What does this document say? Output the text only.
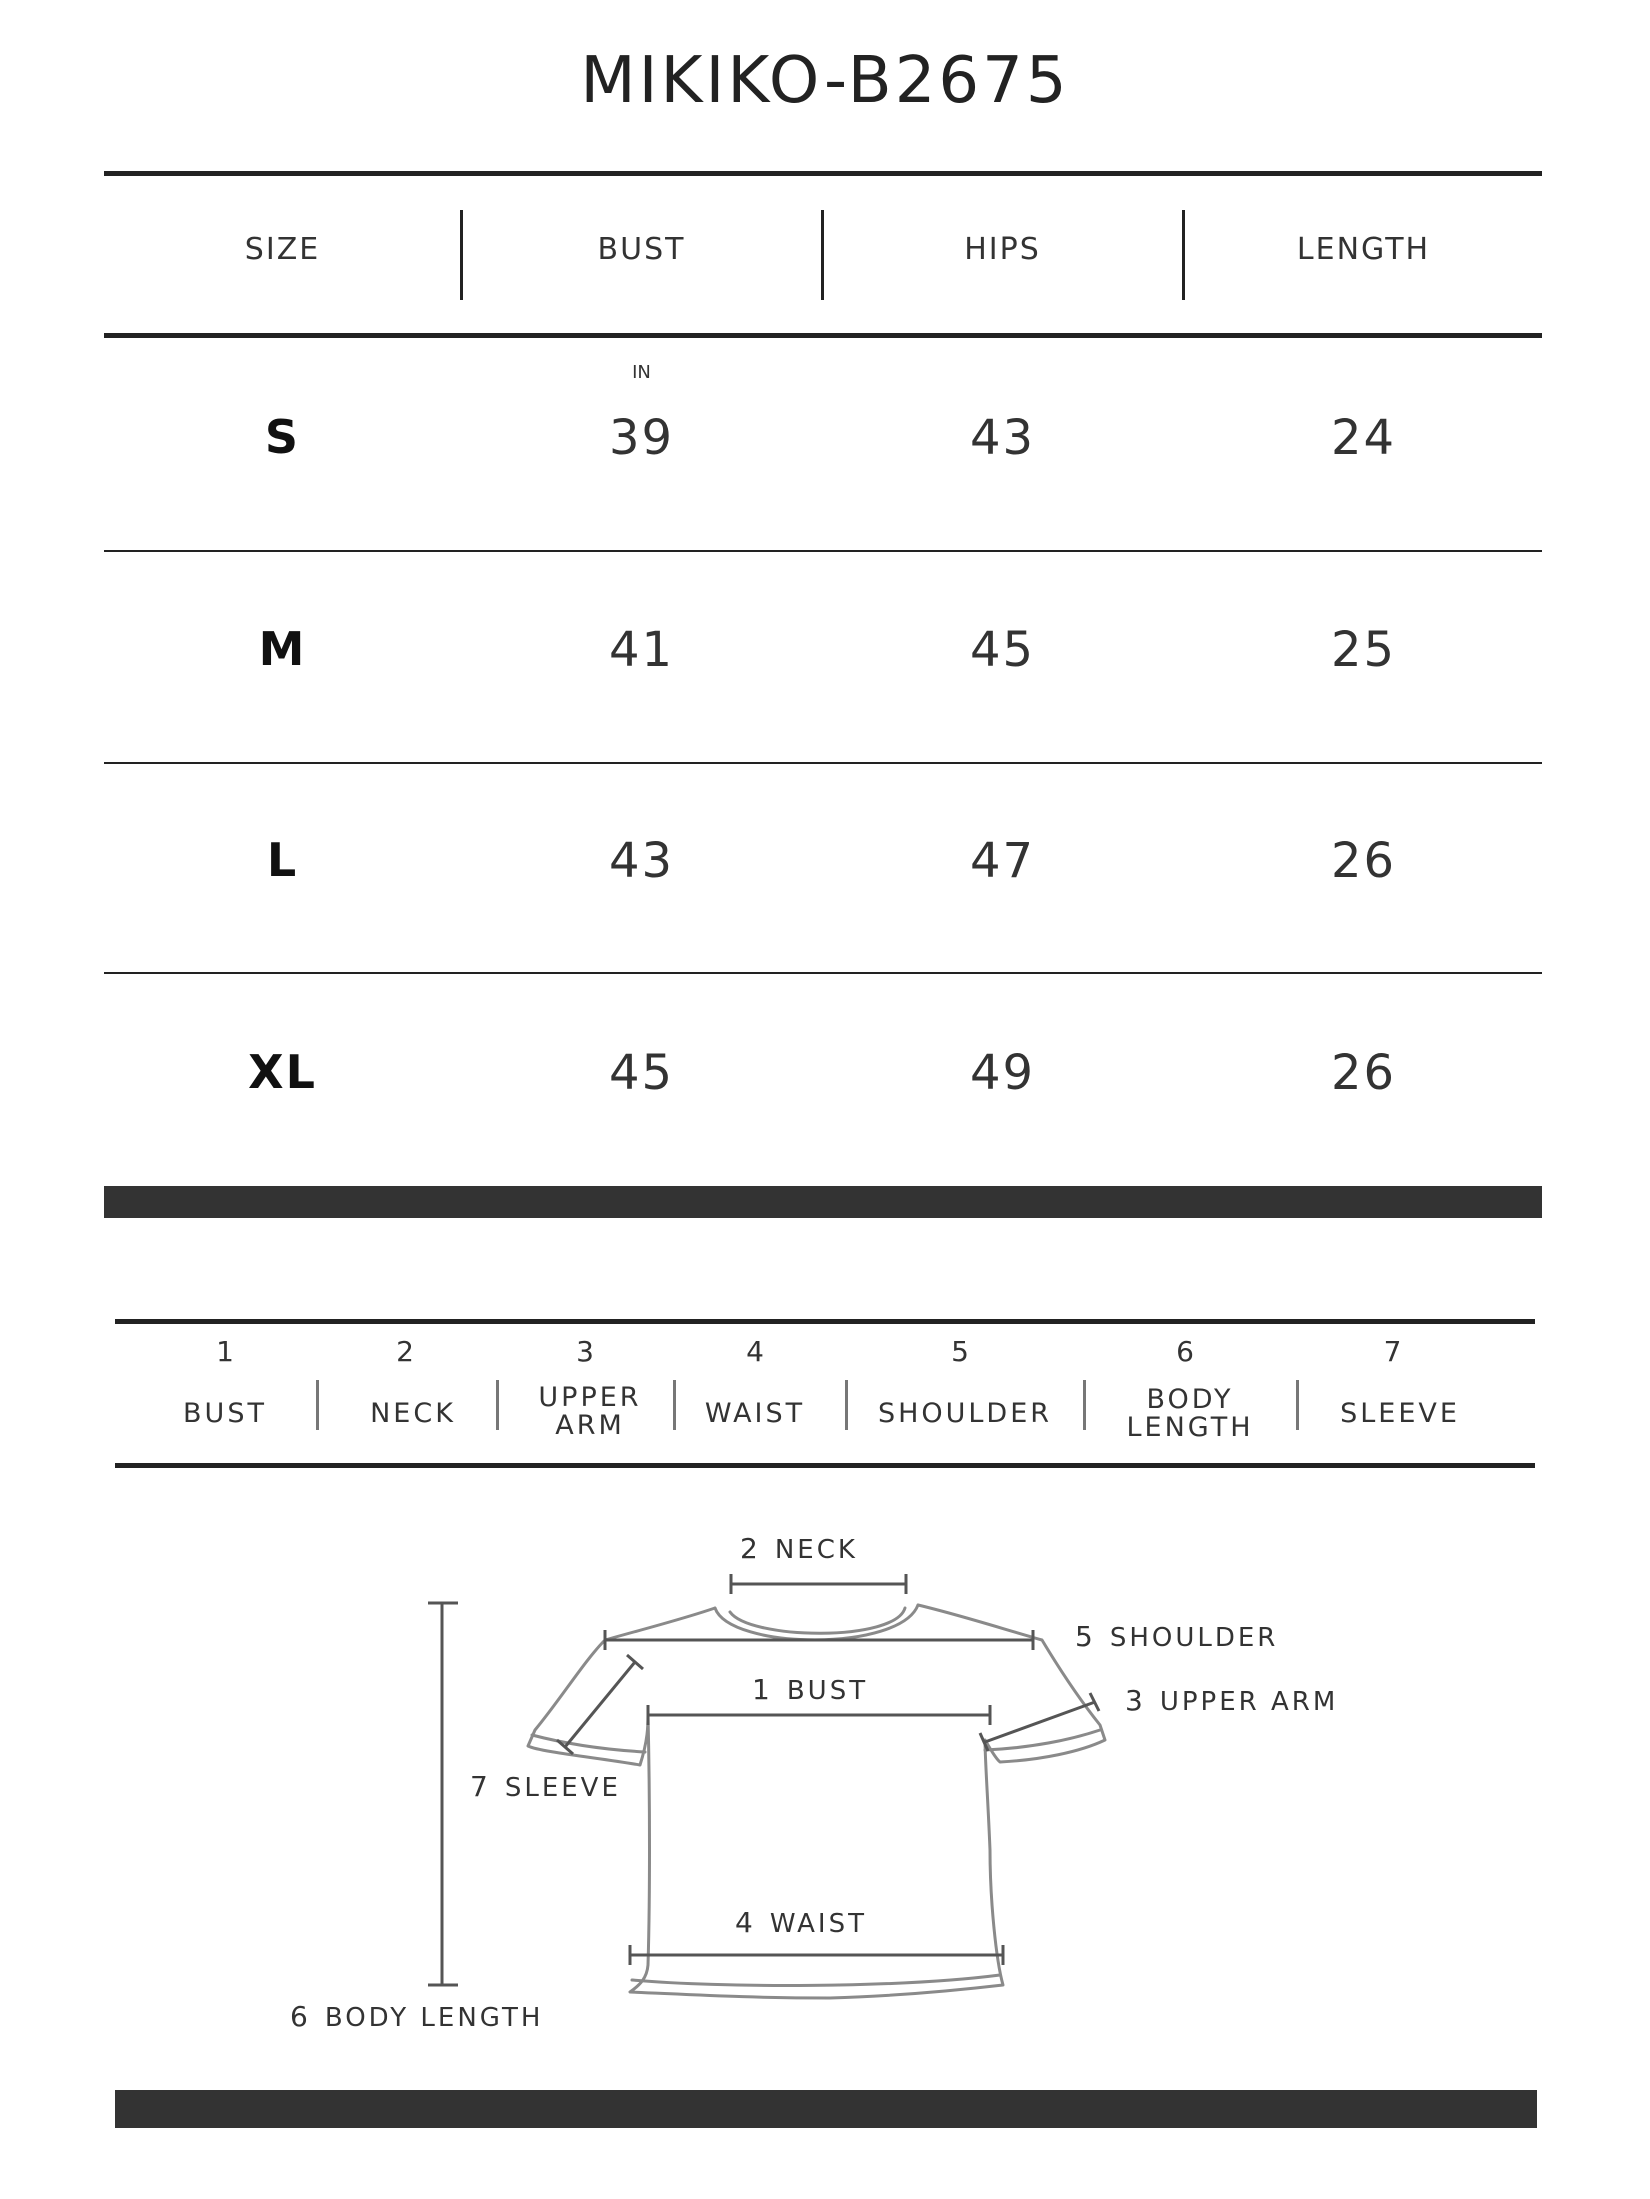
MIKIKO-B2675
SIZE	BUST	HIPS	LENGTH
IN
S	39	43	24
M	41	45	25
L	43	47	26
XL	45	49	26
1
BUST
2
NECK
3
UPPER
ARM
4
WAIST
5
SHOULDER
6
BODY
LENGTH
7
SLEEVE
2 NECK
5 SHOULDER
1 BUST	3 UPPER ARM
7 SLEEVE
4 WAIST
6 BODY LENGTH
